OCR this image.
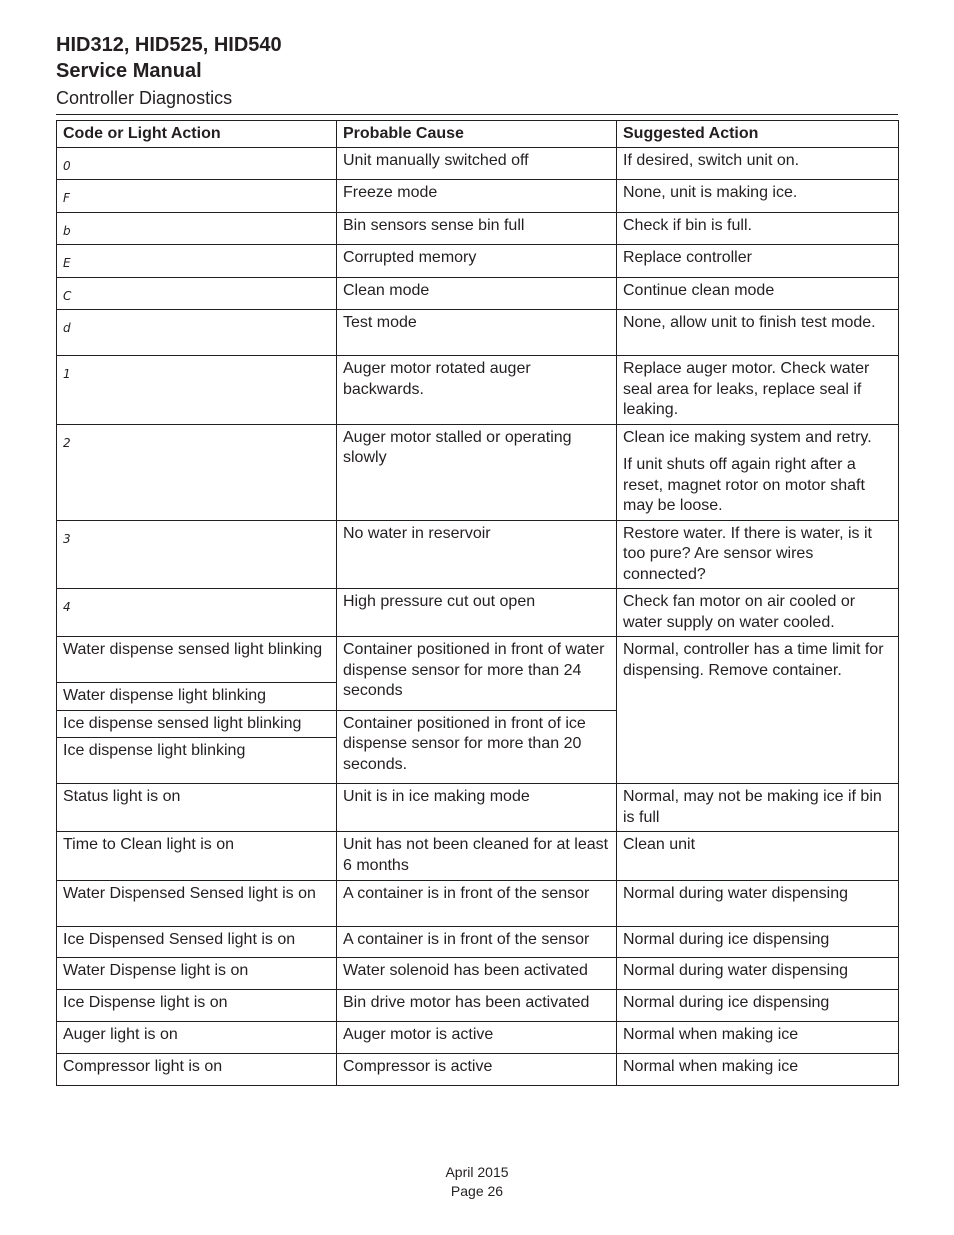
HID312, HID525, HID540
Service Manual
Controller Diagnostics
Code or Light Action	Probable Cause	Suggested Action
0	Unit manually switched off	If desired, switch unit on.
F	Freeze mode	None, unit is making ice.
b	Bin sensors sense bin full	Check if bin is full.
E	Corrupted memory	Replace controller
C	Clean mode	Continue clean mode
d	Test mode	None, allow unit to finish test mode.
1	Auger motor rotated auger backwards.	Replace auger motor. Check water seal area for leaks, replace seal if leaking.
2	Auger motor stalled or operating slowly	Clean ice making system and retry.
If unit shuts off again right after a reset, magnet rotor on motor shaft may be loose.

3	No water in reservoir	Restore water. If there is water, is it too pure? Are sensor wires connected?
4	High pressure cut out open	Check fan motor on air cooled or water supply on water cooled.
Water dispense sensed light blinking	Container positioned in front of water dispense sensor for more than 24 seconds	Normal, controller has a time limit for dispensing. Remove container.
Water dispense light blinking		
Ice dispense sensed light blinking	Container positioned in front of ice dispense sensor for more than 20 seconds.	
Ice dispense light blinking		
Status light is on	Unit is in ice making mode	Normal, may not be making ice if bin is full
Time to Clean light is on	Unit has not been cleaned for at least 6 months	Clean unit
Water Dispensed Sensed light is on	A container is in front of the sensor	Normal during water dispensing
Ice Dispensed Sensed light is on	A container is in front of the sensor	Normal during ice dispensing
Water Dispense light is on	Water solenoid has been activated	Normal during water dispensing
Ice Dispense light is on	Bin drive motor has been activated	Normal during ice dispensing
Auger light is on	Auger motor is active	Normal when making ice
Compressor light is on	Compressor is active	Normal when making ice
April 2015
Page 26
